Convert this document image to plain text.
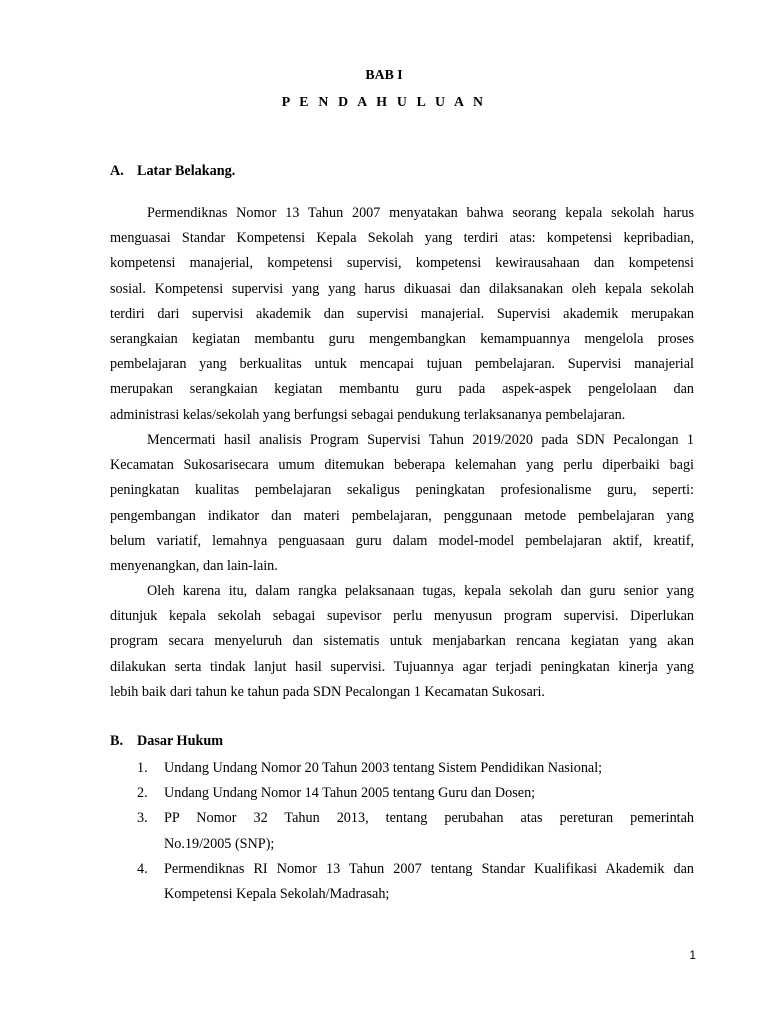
BAB I
P E N D A H U L U A N
A. Latar Belakang.
Permendiknas Nomor 13 Tahun 2007 menyatakan bahwa seorang kepala sekolah harus
menguasai Standar Kompetensi Kepala Sekolah yang terdiri atas: kompetensi kepribadian,
kompetensi manajerial, kompetensi supervisi, kompetensi kewirausahaan dan kompetensi
sosial. Kompetensi supervisi yang yang harus dikuasai dan dilaksanakan oleh kepala sekolah
terdiri dari supervisi akademik dan supervisi manajerial. Supervisi akademik merupakan
serangkaian kegiatan membantu guru mengembangkan kemampuannya mengelola proses
pembelajaran yang berkualitas untuk mencapai tujuan pembelajaran. Supervisi manajerial
merupakan serangkaian kegiatan membantu guru pada aspek-aspek pengelolaan dan
administrasi kelas/sekolah yang berfungsi sebagai pendukung terlaksananya pembelajaran.
Mencermati hasil analisis Program Supervisi Tahun 2019/2020 pada SDN Pecalongan 1
Kecamatan Sukosarisecara umum ditemukan beberapa kelemahan yang perlu diperbaiki bagi
peningkatan kualitas pembelajaran sekaligus peningkatan profesionalisme guru, seperti:
pengembangan indikator dan materi pembelajaran, penggunaan metode pembelajaran yang
belum variatif, lemahnya penguasaan guru dalam model-model pembelajaran aktif, kreatif,
menyenangkan, dan lain-lain.
Oleh karena itu, dalam rangka pelaksanaan tugas, kepala sekolah dan guru senior yang
ditunjuk kepala sekolah sebagai supevisor perlu menyusun program supervisi. Diperlukan
program secara menyeluruh dan sistematis untuk menjabarkan rencana kegiatan yang akan
dilakukan serta tindak lanjut hasil supervisi. Tujuannya agar terjadi peningkatan kinerja yang
lebih baik dari tahun ke tahun pada SDN Pecalongan 1 Kecamatan Sukosari.
B. Dasar Hukum
1. Undang Undang Nomor 20 Tahun 2003 tentang Sistem Pendidikan Nasional;
2. Undang Undang Nomor 14 Tahun 2005 tentang Guru dan Dosen;
3. PP Nomor 32 Tahun 2013, tentang perubahan atas pereturan pemerintah
No.19/2005 (SNP);
4. Permendiknas RI Nomor 13 Tahun 2007 tentang Standar Kualifikasi Akademik dan
Kompetensi Kepala Sekolah/Madrasah;
1
